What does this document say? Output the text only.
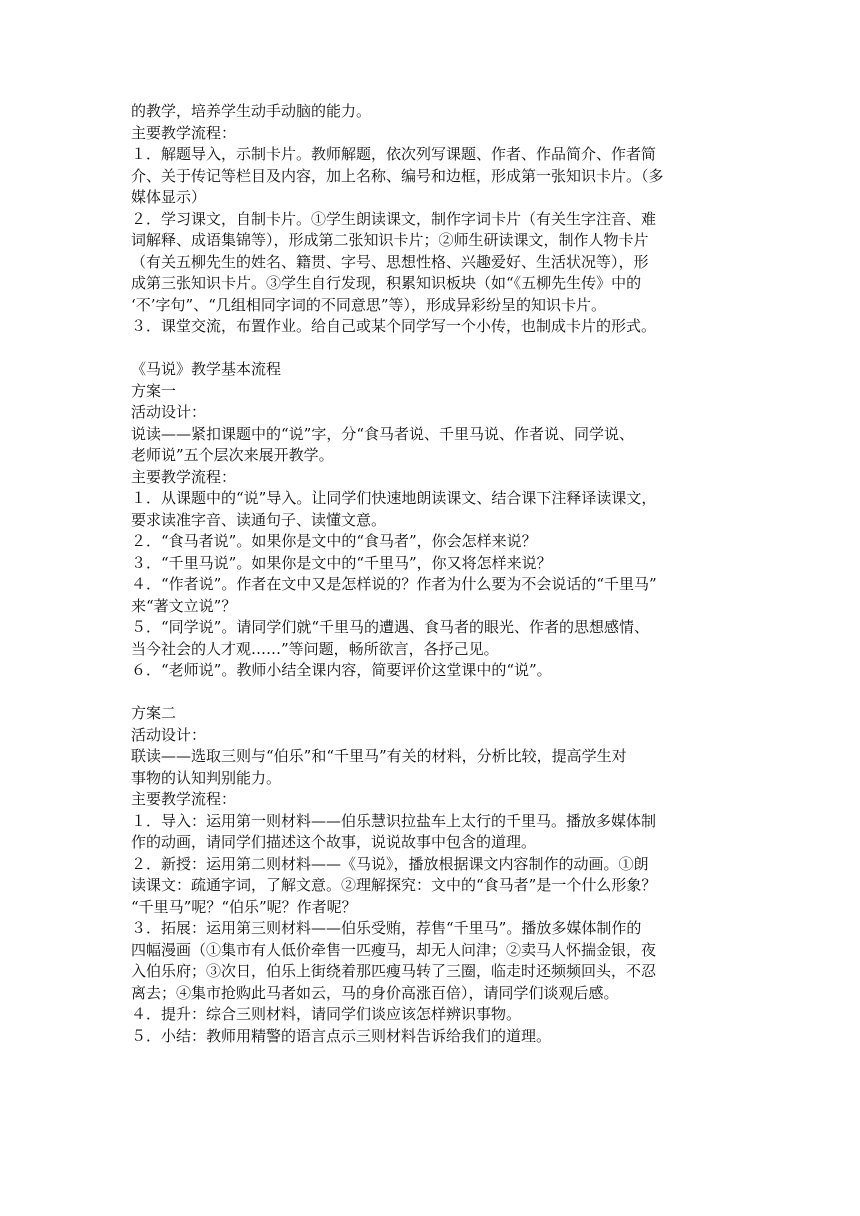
的教学，培养学生动手动脑的能力。
主要教学流程：
１．解题导入，示制卡片。教师解题，依次列写课题、作者、作品简介、作者简
介、关于传记等栏目及内容，加上名称、编号和边框，形成第一张知识卡片。（多
媒体显示）
２．学习课文，自制卡片。①学生朗读课文，制作字词卡片（有关生字注音、难
词解释、成语集锦等），形成第二张知识卡片；②师生研读课文，制作人物卡片
（有关五柳先生的姓名、籍贯、字号、思想性格、兴趣爱好、生活状况等），形
成第三张知识卡片。③学生自行发现，积累知识板块（如“《五柳先生传》中的
‘不’字句”、“几组相同字词的不同意思”等），形成异彩纷呈的知识卡片。
３．课堂交流，布置作业。给自己或某个同学写一个小传，也制成卡片的形式。
《马说》教学基本流程
方案一
活动设计：
说读——紧扣课题中的“说”字，分“食马者说、千里马说、作者说、同学说、
老师说”五个层次来展开教学。
主要教学流程：
１．从课题中的“说”导入。让同学们快速地朗读课文、结合课下注释译读课文，
要求读准字音、读通句子、读懂文意。
２．“食马者说”。如果你是文中的“食马者”，你会怎样来说？
３．“千里马说”。如果你是文中的“千里马”，你又将怎样来说？
４．“作者说”。作者在文中又是怎样说的？作者为什么要为不会说话的“千里马”
来“著文立说”？
５．“同学说”。请同学们就“千里马的遭遇、食马者的眼光、作者的思想感情、
当今社会的人才观……”等问题，畅所欲言，各抒己见。
６．“老师说”。教师小结全课内容，简要评价这堂课中的“说”。
方案二
活动设计：
联读——选取三则与“伯乐”和“千里马”有关的材料，分析比较，提高学生对
事物的认知判别能力。
主要教学流程：
１．导入：运用第一则材料——伯乐慧识拉盐车上太行的千里马。播放多媒体制
作的动画，请同学们描述这个故事，说说故事中包含的道理。
２．新授：运用第二则材料——《马说》，播放根据课文内容制作的动画。①朗
读课文：疏通字词，了解文意。②理解探究：文中的“食马者”是一个什么形象？
“千里马”呢？“伯乐”呢？作者呢？
３．拓展：运用第三则材料——伯乐受贿，荐售“千里马”。播放多媒体制作的
四幅漫画（①集市有人低价牵售一匹瘦马，却无人问津；②卖马人怀揣金银，夜
入伯乐府；③次日，伯乐上街绕着那匹瘦马转了三圈，临走时还频频回头，不忍
离去；④集市抢购此马者如云，马的身价高涨百倍），请同学们谈观后感。
４．提升：综合三则材料，请同学们谈应该怎样辨识事物。
５．小结：教师用精警的语言点示三则材料告诉给我们的道理。
